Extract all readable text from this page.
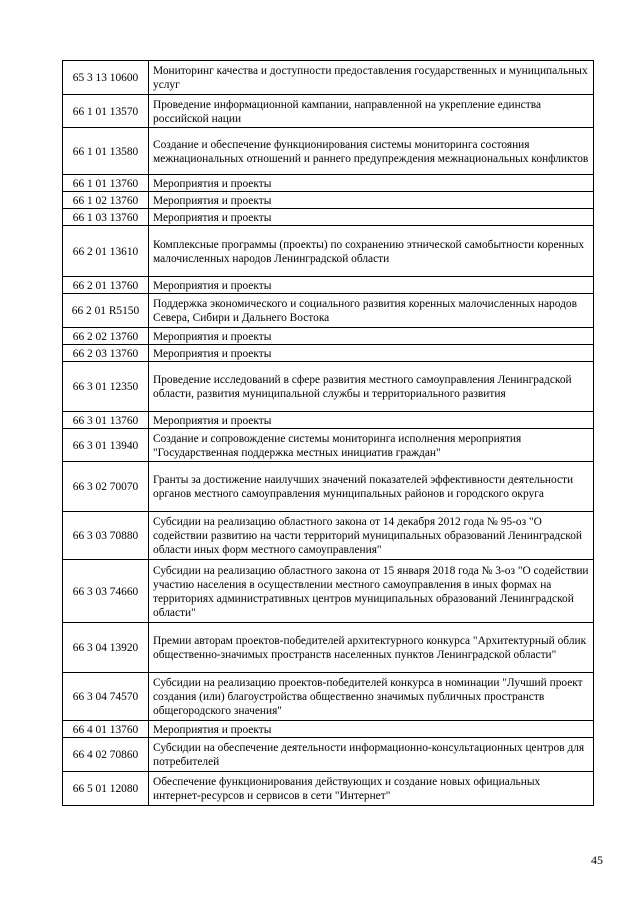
65 3 13 10600	Мониторинг качества и доступности предоставления государственных и муниципальных услуг
66 1 01 13570	Проведение информационной кампании, направленной на укрепление единства российской нации
66 1 01 13580	Создание и обеспечение функционирования системы мониторинга состояния межнациональных отношений и раннего предупреждения межнациональных конфликтов
66 1 01 13760	Мероприятия и проекты
66 1 02 13760	Мероприятия и проекты
66 1 03 13760	Мероприятия и проекты
66 2 01 13610	Комплексные программы (проекты) по сохранению этнической самобытности коренных малочисленных народов Ленинградской области
66 2 01 13760	Мероприятия и проекты
66 2 01 R5150	Поддержка экономического и социального развития коренных малочисленных народов Севера, Сибири и Дальнего Востока
66 2 02 13760	Мероприятия и проекты
66 2 03 13760	Мероприятия и проекты
66 3 01 12350	Проведение исследований в сфере развития местного самоуправления Ленинградской области, развития муниципальной службы и территориального развития
66 3 01 13760	Мероприятия и проекты
66 3 01 13940	Создание и сопровождение системы мониторинга исполнения мероприятия "Государственная поддержка местных инициатив граждан"
66 3 02 70070	Гранты за достижение наилучших значений показателей эффективности деятельности органов местного самоуправления муниципальных районов и городского округа
66 3 03 70880	Субсидии на реализацию областного закона от 14 декабря 2012 года № 95-оз "О содействии развитию на части территорий муниципальных образований Ленинградской области иных форм местного самоуправления"
66 3 03 74660	Субсидии на реализацию областного закона от 15 января 2018 года № 3-оз "О содействии участию населения в осуществлении местного самоуправления в иных формах на территориях административных центров муниципальных образований Ленинградской области"
66 3 04 13920	Премии авторам проектов-победителей архитектурного конкурса "Архитектурный облик общественно-значимых пространств населенных пунктов Ленинградской области"
66 3 04 74570	Субсидии на реализацию проектов-победителей конкурса в номинации "Лучший проект создания (или) благоустройства общественно значимых публичных пространств общегородского значения"
66 4 01 13760	Мероприятия и проекты
66 4 02 70860	Субсидии на обеспечение деятельности информационно-консультационных центров для потребителей
66 5 01 12080	Обеспечение функционирования действующих и создание новых официальных интернет-ресурсов и сервисов в сети "Интернет"
45
